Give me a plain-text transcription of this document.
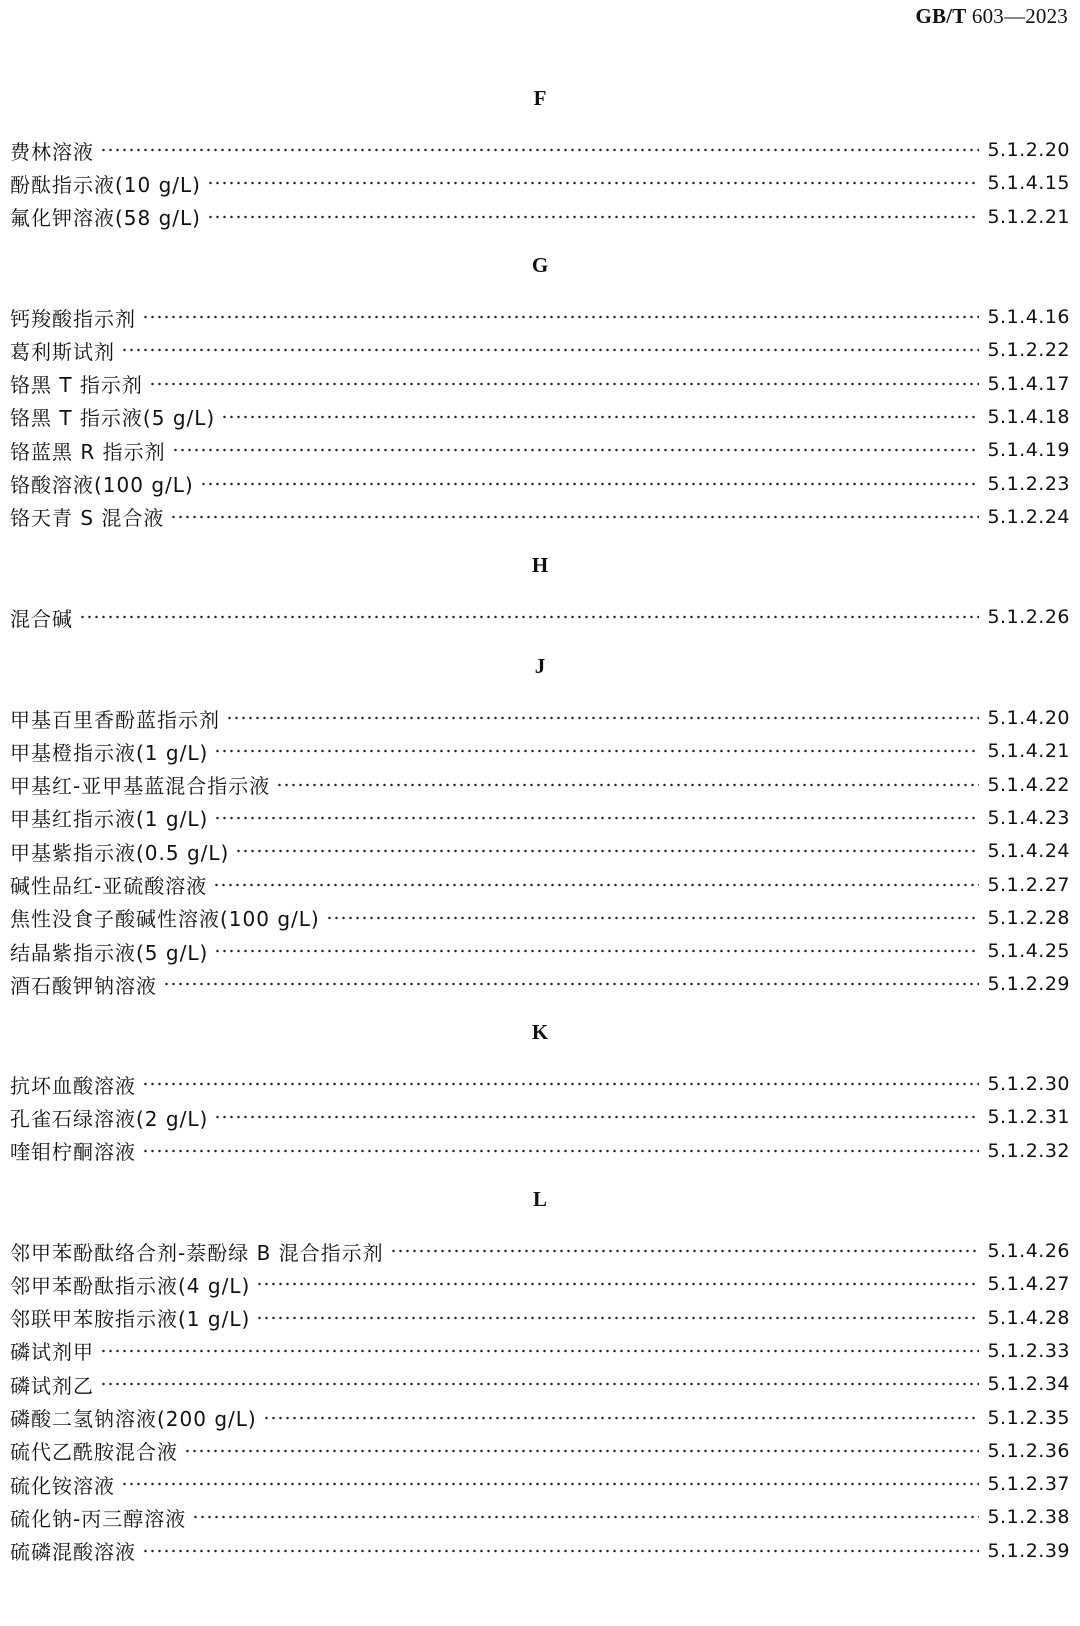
GB/T 603—2023
F
费林溶液	5.1.2.20
酚酞指示液(10 g/L)	5.1.4.15
氟化钾溶液(58 g/L)	5.1.2.21
G
钙羧酸指示剂	5.1.4.16
葛利斯试剂	5.1.2.22
铬黑 T 指示剂	5.1.4.17
铬黑 T 指示液(5 g/L)	5.1.4.18
铬蓝黑 R 指示剂	5.1.4.19
铬酸溶液(100 g/L)	5.1.2.23
铬天青 S 混合液	5.1.2.24
H
混合碱	5.1.2.26
J
甲基百里香酚蓝指示剂	5.1.4.20
甲基橙指示液(1 g/L)	5.1.4.21
甲基红-亚甲基蓝混合指示液	5.1.4.22
甲基红指示液(1 g/L)	5.1.4.23
甲基紫指示液(0.5 g/L)	5.1.4.24
碱性品红-亚硫酸溶液	5.1.2.27
焦性没食子酸碱性溶液(100 g/L)	5.1.2.28
结晶紫指示液(5 g/L)	5.1.4.25
酒石酸钾钠溶液	5.1.2.29
K
抗坏血酸溶液	5.1.2.30
孔雀石绿溶液(2 g/L)	5.1.2.31
喹钼柠酮溶液	5.1.2.32
L
邻甲苯酚酞络合剂-萘酚绿 B 混合指示剂	5.1.4.26
邻甲苯酚酞指示液(4 g/L)	5.1.4.27
邻联甲苯胺指示液(1 g/L)	5.1.4.28
磷试剂甲	5.1.2.33
磷试剂乙	5.1.2.34
磷酸二氢钠溶液(200 g/L)	5.1.2.35
硫代乙酰胺混合液	5.1.2.36
硫化铵溶液	5.1.2.37
硫化钠-丙三醇溶液	5.1.2.38
硫磷混酸溶液	5.1.2.39
